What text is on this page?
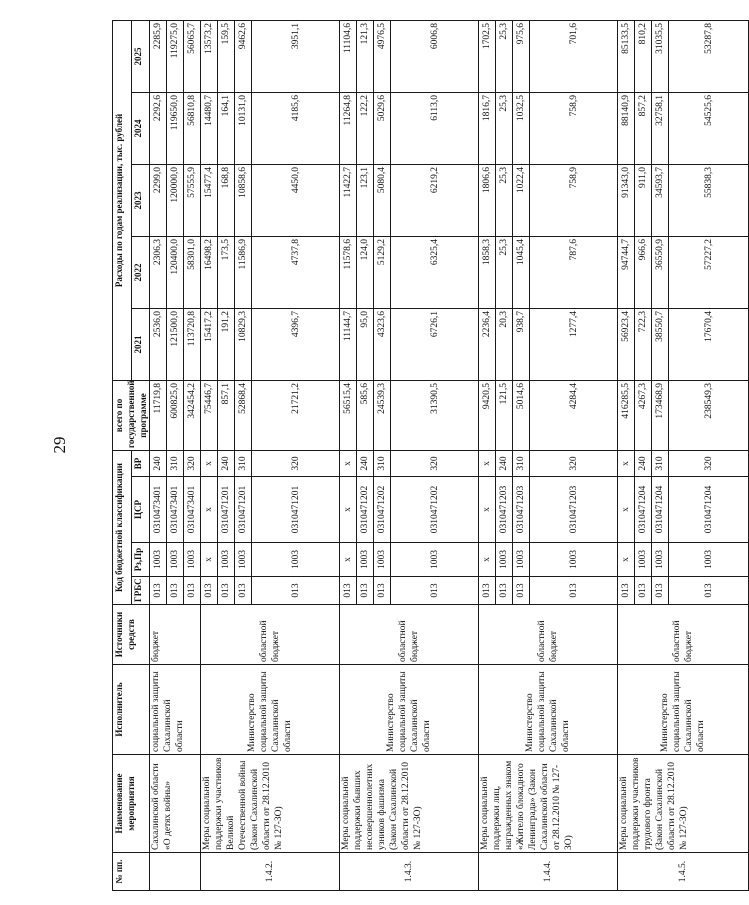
29
№ пп.	Наименование мероприятия	Исполнитель	Источники средств	Код бюджетной классификации				всего по государственной программе	Расходы по годам реализации, тыс. рублей				
				ГРБС	Рз,Пр	ЦСР	ВР		2021	2022	2023	2024	2025
	Сахалинской области «О детях войны»	социальной защиты Сахалинской области	бюджет	013	1003	0310473401	240	11719,8	2536,0	2306,3	2299,0	2292,6	2285,9
				013	1003	0310473401	310	600825,0	121500,0	120400,0	120000,0	119650,0	119275,0
				013	1003	0310473401	320	342454,2	113720,8	58301,0	57555,9	56810,8	56065,7
1.4.2.	Меры социальной поддержки участников Великой Отечественной войны (Закон Сахалинской области от 28.12.2010 № 127-ЗО)	Министерство социальной защиты Сахалинской области	областной бюджет	013	x	x	x	75446,7	15417,2	16498,2	15477,4	14480,7	13573,2
				013	1003	0310471201	240	857,1	191,2	173,5	168,8	164,1	159,5
				013	1003	0310471201	310	52868,4	10829,3	11586,9	10858,6	10131,0	9462,6
				013	1003	0310471201	320	21721,2	4396,7	4737,8	4450,0	4185,6	3951,1
1.4.3.	Меры социальной поддержки бывших несовершеннолетних узников фашизма (Закон Сахалинской области от 28.12.2010 № 127-ЗО)	Министерство социальной защиты Сахалинской области	областной бюджет	013	x	x	x	56515,4	11144,7	11578,6	11422,7	11264,8	11104,6
				013	1003	0310471202	240	585,6	95,0	124,0	123,1	122,2	121,3
				013	1003	0310471202	310	24539,3	4323,6	5129,2	5080,4	5029,6	4976,5
				013	1003	0310471202	320	31390,5	6726,1	6325,4	6219,2	6113,0	6006,8
1.4.4.	Меры социальной поддержки лиц, награжденных знаком «Жителю блокадного Ленинграда» (Закон Сахалинской области от 28.12.2010 № 127-ЗО)	Министерство социальной защиты Сахалинской области	областной бюджет	013	x	x	x	9420,5	2236,4	1858,3	1806,6	1816,7	1702,5
				013	1003	0310471203	240	121,5	20,3	25,3	25,3	25,3	25,3
				013	1003	0310471203	310	5014,6	938,7	1045,4	1022,4	1032,5	975,6
				013	1003	0310471203	320	4284,4	1277,4	787,6	758,9	758,9	701,6
1.4.5.	Меры социальной поддержки участников трудового фронта (Закон Сахалинской области от 28.12.2010 № 127-ЗО)	Министерство социальной защиты Сахалинской области	областной бюджет	013	x	x	x	416285,5	56923,4	94744,7	91343,0	88140,9	85133,5
				013	1003	0310471204	240	4267,3	722,3	966,6	911,0	857,2	810,2
				013	1003	0310471204	310	173468,9	38550,7	36550,9	34593,7	32758,1	31035,5
				013	1003	0310471204	320	238549,3	17670,4	57227,2	55838,3	54525,6	53287,8
